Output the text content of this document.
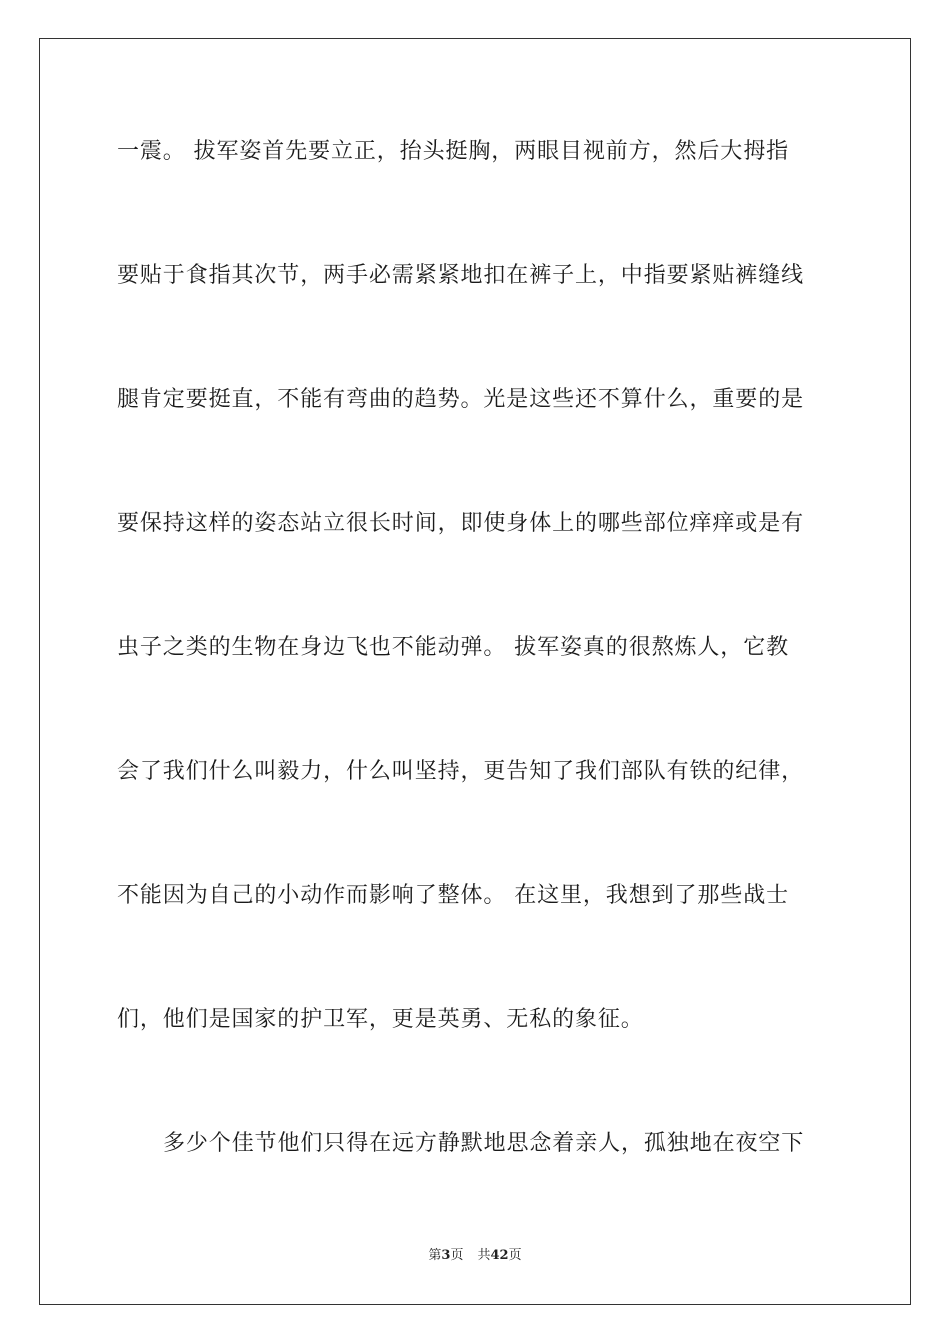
一震。 拔军姿首先要立正，抬头挺胸，两眼目视前方，然后大拇指
要贴于食指其次节，两手必需紧紧地扣在裤子上，中指要紧贴裤缝线
腿肯定要挺直，不能有弯曲的趋势。光是这些还不算什么，重要的是
要保持这样的姿态站立很长时间，即使身体上的哪些部位痒痒或是有
虫子之类的生物在身边飞也不能动弹。 拔军姿真的很熬炼人，它教
会了我们什么叫毅力，什么叫坚持，更告知了我们部队有铁的纪律，
不能因为自己的小动作而影响了整体。 在这里，我想到了那些战士
们，他们是国家的护卫军，更是英勇、无私的象征。
多少个佳节他们只得在远方静默地思念着亲人，孤独地在夜空下
第3页 共42页
